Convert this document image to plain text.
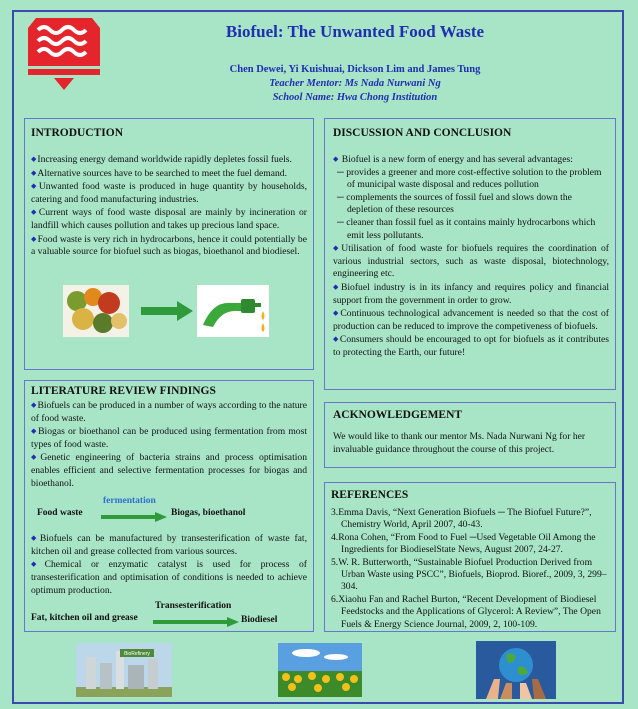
Biofuel: The Unwanted Food Waste
Chen Dewei, Yi Kuishuai, Dickson Lim and James Tung
Teacher Mentor: Ms Nada Nurwani Ng
School Name: Hwa Chong Institution
INTRODUCTION

◆Increasing energy demand worldwide rapidly depletes fossil fuels.

◆Alternative sources have to be searched to meet the fuel demand.

◆Unwanted food waste is produced in huge quantity by households, catering and food manufacturing industries.

◆Current ways of food waste disposal are mainly by incineration or landfill which causes pollution and takes up precious land space.

◆Food waste is very rich in hydrocarbons, hence it could potentially be a valuable source for biofuel such as biogas, bioethanol and biodiesel.

DISCUSSION AND CONCLUSION

◆ Biofuel is a new form of energy and has several advantages:

─ provides a greener and more cost-effective solution to the problem of municipal waste disposal and reduces pollution

─ complements the sources of fossil fuel and slows down the depletion of these resources

─ cleaner than fossil fuel as it contains mainly hydrocarbons which emit less pollutants.

◆Utilisation of food waste for biofuels requires the coordination of various industrial sectors, such as waste disposal, biotechnology, engineering etc.

◆Biofuel industry is in its infancy and requires policy and financial support from the government in order to grow.

◆Continuous technological advancement is needed so that the cost of production can be reduced to improve the competiveness of biofuels.

◆Consumers should be encouraged to opt for biofuels as it contributes to protecting the Earth, our future!

LITERATURE REVIEW FINDINGS

◆Biofuels can be produced in a number of ways according to the nature of food waste.

◆Biogas or bioethanol can be produced using fermentation from most types of food waste.

◆Genetic engineering of bacteria strains and process optimisation enables efficient and selective fermentation processes for biogas and bioethanol.

Food waste
fermentation
Biogas, bioethanol

◆Biofuels can be manufactured by transesterification of waste fat, kitchen oil and grease collected from various sources.

◆Chemical or enzymatic catalyst is used for process of transesterification and optimisation of conditions is needed to achieve optimum production.

Fat, kitchen oil and grease
Transesterification
Biodiesel
ACKNOWLEDGEMENT

We would like to thank our mentor Ms. Nada Nurwani Ng for her invaluable guidance throughout the course of this project.

REFERENCES

3.Emma Davis, “Next Generation Biofuels ─ The Biofuel Future?”, Chemistry World, April 2007, 40-43.

4.Rona Cohen, “From Food to Fuel ─Used Vegetable Oil Among the Ingredients for BiodieselState News, August 2007, 24-27.

5.W. R. Butterworth, “Sustainable Biofuel Production Derived from Urban Waste using PSCC”, Biofuels, Bioprod. Bioref., 2009, 3, 299–304.

6.Xiaohu Fan and Rachel Burton, “Recent Development of Biodiesel Feedstocks and the Applications of Glycerol: A Review”, The Open Fuels & Energy Science Journal, 2009, 2, 100-109.

BioRefinery
